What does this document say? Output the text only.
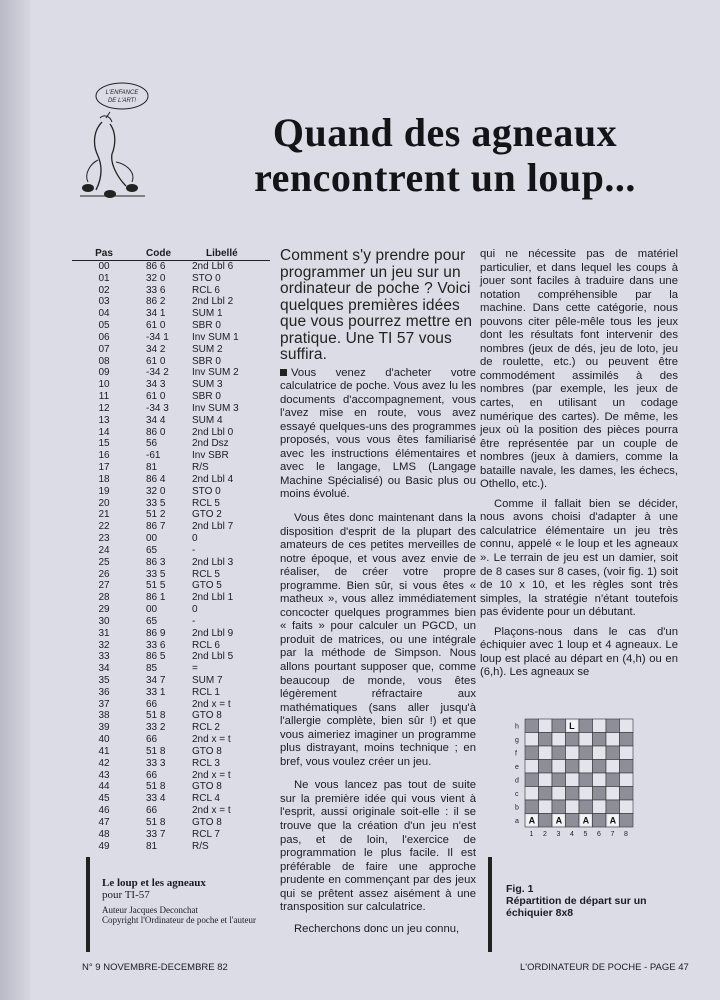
L'ENFANCE
DE L'ART!
Quand des agneaux
rencontrent un loup...
Pas	Code	Libellé
00	86 6	2nd Lbl 6
01	32 0	STO 0
02	33 6	RCL 6
03	86 2	2nd Lbl 2
04	34 1	SUM 1
05	61 0	SBR 0
06	-34 1	Inv SUM 1
07	34 2	SUM 2
08	61 0	SBR 0
09	-34 2	Inv SUM 2
10	34 3	SUM 3
11	61 0	SBR 0
12	-34 3	Inv SUM 3
13	34 4	SUM 4
14	86 0	2nd Lbl 0
15	56	2nd Dsz
16	-61	Inv SBR
17	81	R/S
18	86 4	2nd Lbl 4
19	32 0	STO 0
20	33 5	RCL 5
21	51 2	GTO 2
22	86 7	2nd Lbl 7
23	00	0
24	65	-
25	86 3	2nd Lbl 3
26	33 5	RCL 5
27	51 5	GTO 5
28	86 1	2nd Lbl 1
29	00	0
30	65	-
31	86 9	2nd Lbl 9
32	33 6	RCL 6
33	86 5	2nd Lbl 5
34	85	=
35	34 7	SUM 7
36	33 1	RCL 1
37	66	2nd x = t
38	51 8	GTO 8
39	33 2	RCL 2
40	66	2nd x = t
41	51 8	GTO 8
42	33 3	RCL 3
43	66	2nd x = t
44	51 8	GTO 8
45	33 4	RCL 4
46	66	2nd x = t
47	51 8	GTO 8
48	33 7	RCL 7
49	81	R/S
Le loup et les agneaux
pour TI-57
Auteur Jacques Deconchat
Copyright l'Ordinateur de poche et l'auteur
Comment s'y prendre pour programmer un jeu sur un ordinateur de poche ? Voici quelques premières idées que vous pourrez mettre en pratique. Une TI 57 vous suffira.

Vous venez d'acheter votre calculatrice de poche. Vous avez lu les documents d'accompagnement, vous l'avez mise en route, vous avez essayé quelques-uns des programmes proposés, vous vous êtes familiarisé avec les instructions élémentaires et avec le langage, LMS (Langage Machine Spécialisé) ou Basic plus ou moins évolué.

Vous êtes donc maintenant dans la disposition d'esprit de la plupart des amateurs de ces petites merveilles de notre époque, et vous avez envie de réaliser, de créer votre propre programme. Bien sûr, si vous êtes « matheux », vous allez immédiatement concocter quelques programmes bien « faits » pour calculer un PGCD, un produit de matrices, ou une intégrale par la méthode de Simpson. Nous allons pourtant supposer que, comme beaucoup de monde, vous êtes légèrement réfractaire aux mathématiques (sans aller jusqu'à l'allergie complète, bien sûr !) et que vous aimeriez imaginer un programme plus distrayant, moins technique ; en bref, vous voulez créer un jeu.

Ne vous lancez pas tout de suite sur la première idée qui vous vient à l'esprit, aussi originale soit-elle : il se trouve que la création d'un jeu n'est pas, et de loin, l'exercice de programmation le plus facile. Il est préférable de faire une approche prudente en commençant par des jeux qui se prêtent assez aisément à une transposition sur calculatrice.

Recherchons donc un jeu connu,

qui ne nécessite pas de matériel particulier, et dans lequel les coups à jouer sont faciles à traduire dans une notation compréhensible par la machine. Dans cette catégorie, nous pouvons citer pêle-mêle tous les jeux dont les résultats font intervenir des nombres (jeux de dés, jeu de loto, jeu de roulette, etc.) ou peuvent être commodément assimilés à des nombres (par exemple, les jeux de cartes, en utilisant un codage numérique des cartes). De même, les jeux où la position des pièces pourra être représentée par un couple de nombres (jeux à damiers, comme la bataille navale, les dames, les échecs, Othello, etc.).

Comme il fallait bien se décider, nous avons choisi d'adapter à une calculatrice élémentaire un jeu très connu, appelé « le loup et les agneaux ». Le terrain de jeu est un damier, soit de 8 cases sur 8 cases, (voir fig. 1) soit de 10 x 10, et les règles sont très simples, la stratégie n'étant toutefois pas évidente pour un débutant.

Plaçons-nous dans le cas d'un échiquier avec 1 loup et 4 agneaux. Le loup est placé au départ en (4,h) ou en (6,h). Les agneaux se

h
g
f
e
d
c
b
a
1 2 3 4 5 6 7 8
L
A A A A
Fig. 1
Répartition de départ sur un échiquier 8x8
N° 9 NOVEMBRE-DECEMBRE 82	L'ORDINATEUR DE POCHE - PAGE 47
